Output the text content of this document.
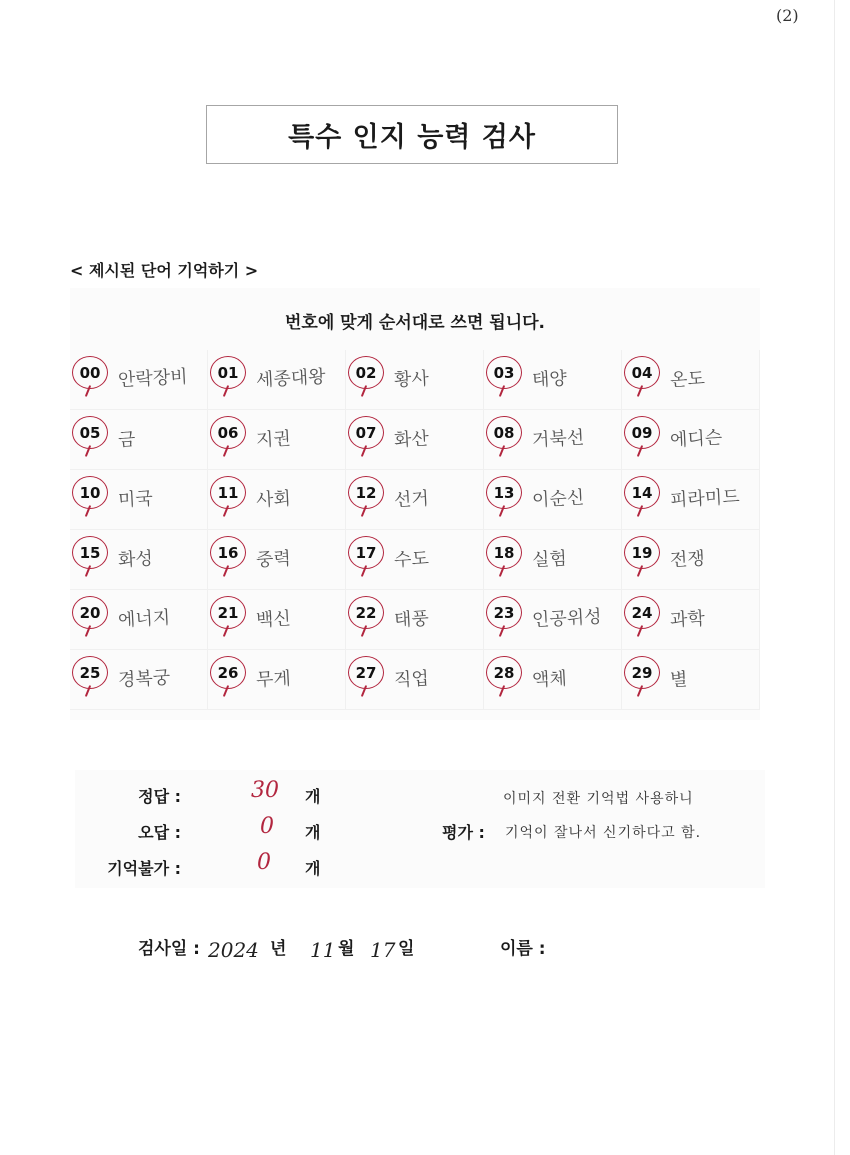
(2)
특수 인지 능력 검사
< 제시된 단어 기억하기 >
번호에 맞게 순서대로 쓰면 됩니다.
00 안락장비	01 세종대왕	02 황사	03 태양	04 온도
05 금	06 지권	07 화산	08 거북선	09 에디슨
10 미국	11 사회	12 선거	13 이순신	14 피라미드
15 화성	16 중력	17 수도	18 실험	19 전쟁
20 에너지	21 백신	22 태풍	23 인공위성	24 과학
25 경복궁	26 무게	27 직업	28 액체	29 별
정답 :	30 개
오답 :	0 개
기억불가 :	0 개
평가 :
이미지 전환 기억법 사용하니
기억이 잘나서 신기하다고 함.
검사일 : 2024 년 11 월 17 일	이름 :
